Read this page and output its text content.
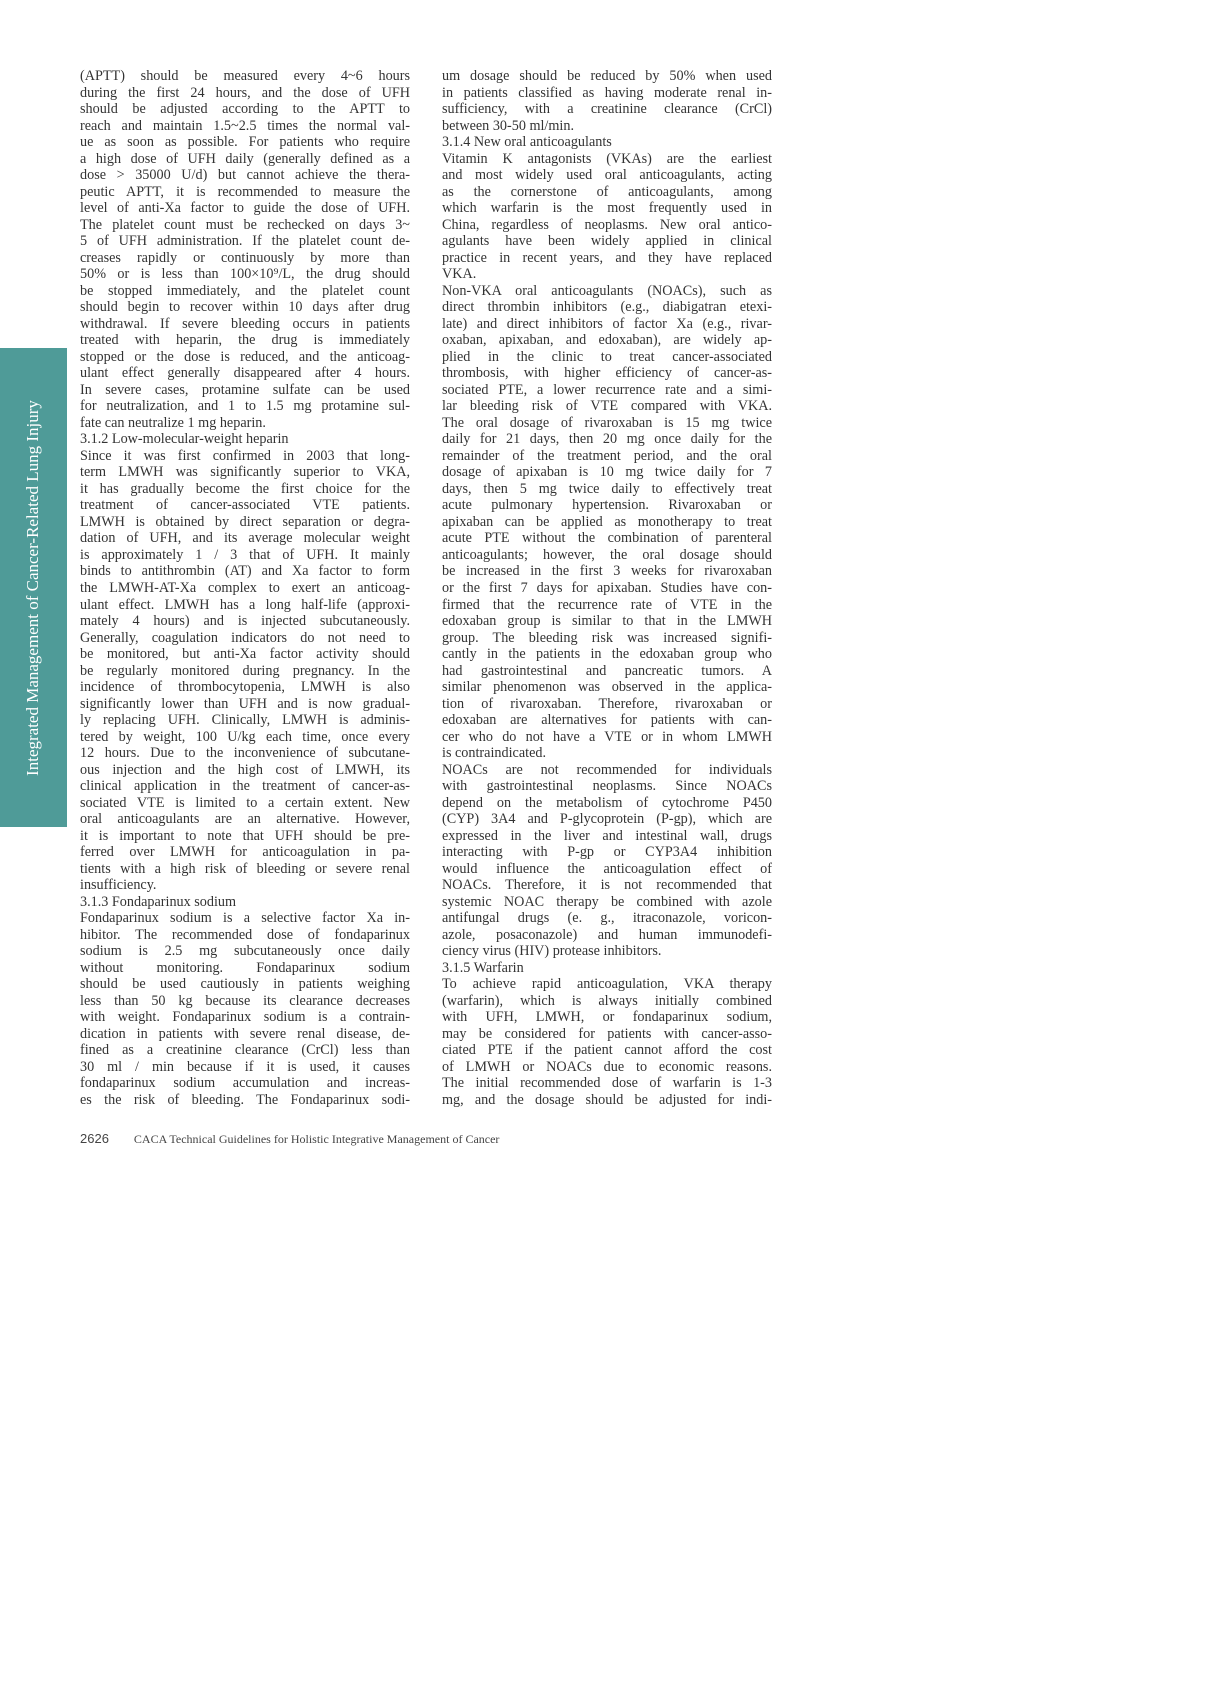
Integrated Management of Cancer-Related Lung Injury
(APTT) should be measured every 4~6 hours
during the first 24 hours, and the dose of UFH
should be adjusted according to the APTT to
reach and maintain 1.5~2.5 times the normal val-
ue as soon as possible. For patients who require
a high dose of UFH daily (generally defined as a
dose > 35000 U/d) but cannot achieve the thera-
peutic APTT, it is recommended to measure the
level of anti-Xa factor to guide the dose of UFH.
The platelet count must be rechecked on days 3~
5 of UFH administration. If the platelet count de-
creases rapidly or continuously by more than
50% or is less than 100×10⁹/L, the drug should
be stopped immediately, and the platelet count
should begin to recover within 10 days after drug
withdrawal. If severe bleeding occurs in patients
treated with heparin, the drug is immediately
stopped or the dose is reduced, and the anticoag-
ulant effect generally disappeared after 4 hours.
In severe cases, protamine sulfate can be used
for neutralization, and 1 to 1.5 mg protamine sul-
fate can neutralize 1 mg heparin.
3.1.2 Low-molecular-weight heparin
Since it was first confirmed in 2003 that long-
term LMWH was significantly superior to VKA,
it has gradually become the first choice for the
treatment of cancer-associated VTE patients.
LMWH is obtained by direct separation or degra-
dation of UFH, and its average molecular weight
is approximately 1 / 3 that of UFH. It mainly
binds to antithrombin (AT) and Xa factor to form
the LMWH-AT-Xa complex to exert an anticoag-
ulant effect. LMWH has a long half-life (approxi-
mately 4 hours) and is injected subcutaneously.
Generally, coagulation indicators do not need to
be monitored, but anti-Xa factor activity should
be regularly monitored during pregnancy. In the
incidence of thrombocytopenia, LMWH is also
significantly lower than UFH and is now gradual-
ly replacing UFH. Clinically, LMWH is adminis-
tered by weight, 100 U/kg each time, once every
12 hours. Due to the inconvenience of subcutane-
ous injection and the high cost of LMWH, its
clinical application in the treatment of cancer-as-
sociated VTE is limited to a certain extent. New
oral anticoagulants are an alternative. However,
it is important to note that UFH should be pre-
ferred over LMWH for anticoagulation in pa-
tients with a high risk of bleeding or severe renal
insufficiency.
3.1.3 Fondaparinux sodium
Fondaparinux sodium is a selective factor Xa in-
hibitor. The recommended dose of fondaparinux
sodium is 2.5 mg subcutaneously once daily
without monitoring. Fondaparinux sodium
should be used cautiously in patients weighing
less than 50 kg because its clearance decreases
with weight. Fondaparinux sodium is a contrain-
dication in patients with severe renal disease, de-
fined as a creatinine clearance (CrCl) less than
30 ml / min because if it is used, it causes
fondaparinux sodium accumulation and increas-
es the risk of bleeding. The Fondaparinux sodi-
um dosage should be reduced by 50% when used
in patients classified as having moderate renal in-
sufficiency, with a creatinine clearance (CrCl)
between 30-50 ml/min.
3.1.4 New oral anticoagulants
Vitamin K antagonists (VKAs) are the earliest
and most widely used oral anticoagulants, acting
as the cornerstone of anticoagulants, among
which warfarin is the most frequently used in
China, regardless of neoplasms. New oral antico-
agulants have been widely applied in clinical
practice in recent years, and they have replaced
VKA.
Non-VKA oral anticoagulants (NOACs), such as
direct thrombin inhibitors (e.g., diabigatran etexi-
late) and direct inhibitors of factor Xa (e.g., rivar-
oxaban, apixaban, and edoxaban), are widely ap-
plied in the clinic to treat cancer-associated
thrombosis, with higher efficiency of cancer-as-
sociated PTE, a lower recurrence rate and a simi-
lar bleeding risk of VTE compared with VKA.
The oral dosage of rivaroxaban is 15 mg twice
daily for 21 days, then 20 mg once daily for the
remainder of the treatment period, and the oral
dosage of apixaban is 10 mg twice daily for 7
days, then 5 mg twice daily to effectively treat
acute pulmonary hypertension. Rivaroxaban or
apixaban can be applied as monotherapy to treat
acute PTE without the combination of parenteral
anticoagulants; however, the oral dosage should
be increased in the first 3 weeks for rivaroxaban
or the first 7 days for apixaban. Studies have con-
firmed that the recurrence rate of VTE in the
edoxaban group is similar to that in the LMWH
group. The bleeding risk was increased signifi-
cantly in the patients in the edoxaban group who
had gastrointestinal and pancreatic tumors. A
similar phenomenon was observed in the applica-
tion of rivaroxaban. Therefore, rivaroxaban or
edoxaban are alternatives for patients with can-
cer who do not have a VTE or in whom LMWH
is contraindicated.
NOACs are not recommended for individuals
with gastrointestinal neoplasms. Since NOACs
depend on the metabolism of cytochrome P450
(CYP) 3A4 and P-glycoprotein (P-gp), which are
expressed in the liver and intestinal wall, drugs
interacting with P-gp or CYP3A4 inhibition
would influence the anticoagulation effect of
NOACs. Therefore, it is not recommended that
systemic NOAC therapy be combined with azole
antifungal drugs (e. g., itraconazole, voricon-
azole, posaconazole) and human immunodefi-
ciency virus (HIV) protease inhibitors.
3.1.5 Warfarin
To achieve rapid anticoagulation, VKA therapy
(warfarin), which is always initially combined
with UFH, LMWH, or fondaparinux sodium,
may be considered for patients with cancer-asso-
ciated PTE if the patient cannot afford the cost
of LMWH or NOACs due to economic reasons.
The initial recommended dose of warfarin is 1-3
mg, and the dosage should be adjusted for indi-
2626 CACA Technical Guidelines for Holistic Integrative Management of Cancer
